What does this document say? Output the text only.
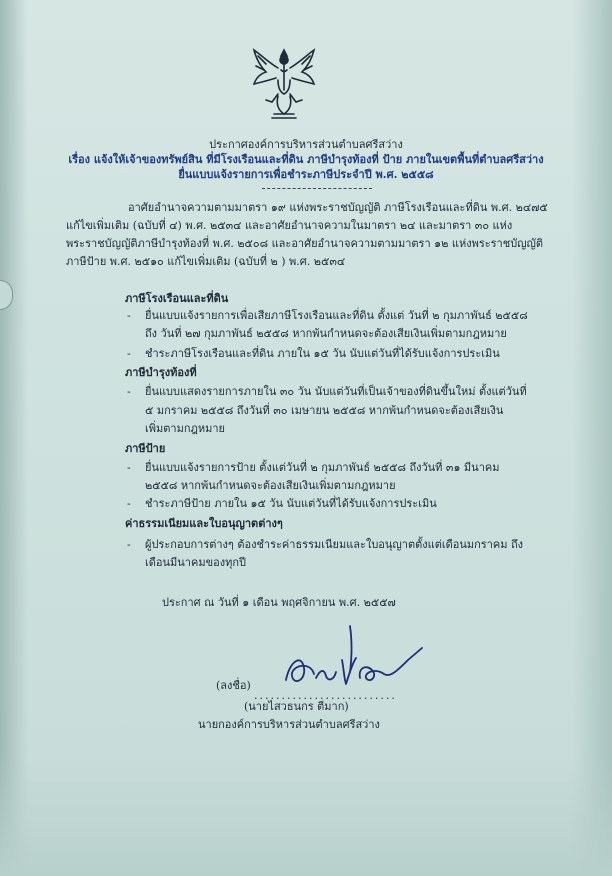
ประกาศองค์การบริหารส่วนตำบลศรีสว่าง
เรื่อง แจ้งให้เจ้าของทรัพย์สิน ที่มีโรงเรือนและที่ดิน ภาษีบำรุงท้องที่ ป้าย ภายในเขตพื้นที่ตำบลศรีสว่าง
ยื่นแบบแจ้งรายการเพื่อชำระภาษีประจำปี พ.ศ. ๒๕๕๘
อาศัยอำนาจความตามมาตรา ๑๙ แห่งพระราชบัญญัติ ภาษีโรงเรือนและที่ดิน พ.ศ. ๒๔๗๕
แก้ไขเพิ่มเติม (ฉบับที่ ๔) พ.ศ. ๒๕๓๔ และอาศัยอำนาจความในมาตรา ๒๔ และมาตรา ๓๐ แห่ง
พระราชบัญญัติภาษีบำรุงท้องที่ พ.ศ. ๒๕๐๘ และอาศัยอำนาจความตามมาตรา ๑๒ แห่งพระราชบัญญัติ
ภาษีป้าย พ.ศ. ๒๕๑๐ แก้ไขเพิ่มเติม (ฉบับที่ ๒ ) พ.ศ. ๒๕๓๔
ภาษีโรงเรือนและที่ดิน
- ยื่นแบบแจ้งรายการเพื่อเสียภาษีโรงเรือนและที่ดิน ตั้งแต่ วันที่ ๒ กุมภาพันธ์ ๒๕๕๘
ถึง วันที่ ๒๗ กุมภาพันธ์ ๒๕๕๘ หากพ้นกำหนดจะต้องเสียเงินเพิ่มตามกฎหมาย
- ชำระภาษีโรงเรือนและที่ดิน ภายใน ๑๕ วัน นับแต่วันที่ได้รับแจ้งการประเมิน
ภาษีบำรุงท้องที่
- ยื่นแบบแสดงรายการภายใน ๓๐ วัน นับแต่วันที่เป็นเจ้าของที่ดินขึ้นใหม่ ตั้งแต่วันที่
๕ มกราคม ๒๕๕๘ ถึงวันที่ ๓๐ เมษายน ๒๕๕๘ หากพ้นกำหนดจะต้องเสียเงิน
เพิ่มตามกฎหมาย
ภาษีป้าย
- ยื่นแบบแจ้งรายการป้าย ตั้งแต่วันที่ ๒ กุมภาพันธ์ ๒๕๕๘ ถึงวันที่ ๓๑ มีนาคม
๒๕๕๘ หากพ้นกำหนดจะต้องเสียเงินเพิ่มตามกฎหมาย
- ชำระภาษีป้าย ภายใน ๑๕ วัน นับแต่วันที่ได้รับแจ้งการประเมิน
ค่าธรรมเนียมและใบอนุญาตต่างๆ
- ผู้ประกอบการต่างๆ ต้องชำระค่าธรรมเนียมและใบอนุญาตตั้งแต่เดือนมกราคม ถึง
เดือนมีนาคมของทุกปี
ประกาศ ณ วันที่ ๑ เดือน พฤศจิกายน พ.ศ. ๒๕๕๗
(ลงชื่อ)
..........................
(นายไสวธนกร ตีมาก)
นายกองค์การบริหารส่วนตำบลศรีสว่าง
